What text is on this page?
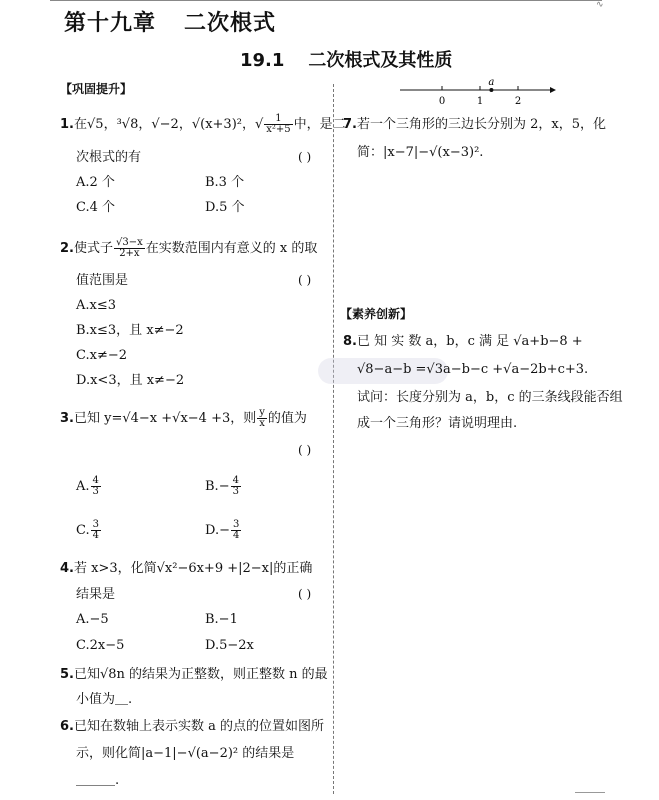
∿
第十九章 二次根式
19.1 二次根式及其性质
【巩固提升】
1.在√5，³√8，√−2，√(x+3)²，√ $\frac{1}{\text{x²+5}}$ 中，是二
次根式的有	( )
A.2 个	B.3 个
C.4 个	D.5 个
2.使式子 $\frac{√3-x}{2+x}$ 在实数范围内有意义的 x 的取
值范围是	( )
A.x≤3
B.x≤3，且 x≠−2
C.x≠−2
D.x<3，且 x≠−2
3.已知 y=√4−x +√x−4 +3，则 $\frac{y}{x}$ 的值为
( )
A. $\frac{4}{3}$	$B.- \frac{4}{3}$
C. $\frac{3}{4}$	$D.- \frac{3}{4}$
4.若 x>3，化简√x²−6x+9 +|2−x|的正确
结果是	( )
A.−5	B.−1
C.2x−5	D.5−2x
5.已知√8n 的结果为正整数，则正整数 n 的最
小值为＿.
6.已知在数轴上表示实数 a 的点的位置如图所
示，则化简|a−1|−√(a−2)² 的结果是
＿＿＿.
0	1	2
a
7.若一个三角形的三边长分别为 2，x，5，化
简：|x−7|−√(x−3)².
【素养创新】
8.已 知 实 数 a，b，c 满 足 √a+b−8 +
√8−a−b =√3a−b−c +√a−2b+c+3.
试问：长度分别为 a，b，c 的三条线段能否组
成一个三角形？请说明理由.
